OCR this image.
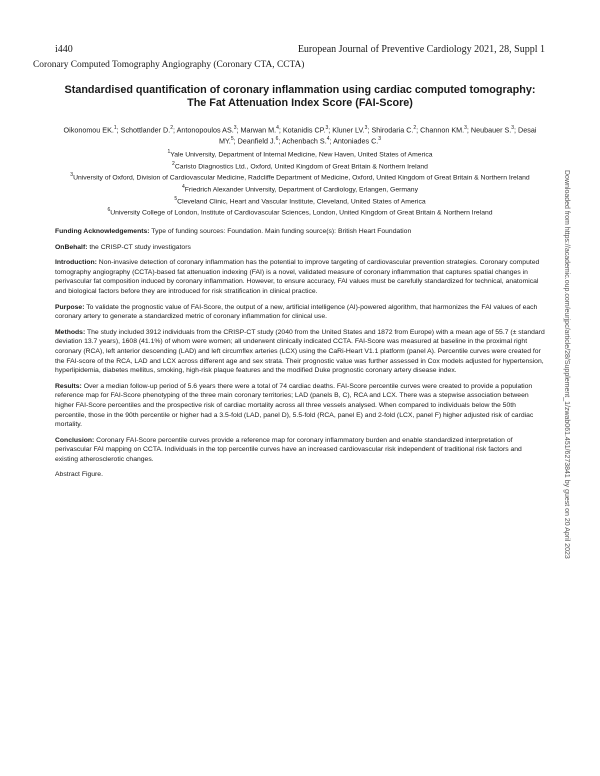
i440	European Journal of Preventive Cardiology 2021, 28, Suppl 1
Coronary Computed Tomography Angiography (Coronary CTA, CCTA)
Standardised quantification of coronary inflammation using cardiac computed tomography: The Fat Attenuation Index Score (FAI-Score)
Oikonomou EK.$^1$; Schottlander D.$^2$; Antonopoulos AS.$^3$; Marwan M.$^4$; Kotanidis CP.$^3$; Kluner LV.$^3$; Shirodaria C.$^2$; Channon KM.$^3$; Neubauer S.$^3$; Desai MY.$^5$; Deanfield J.$^6$; Achenbach S.$^4$; Antoniades C.$^3$
$^1$Yale University, Department of Internal Medicine, New Haven, United States of America
$^2$Caristo Diagnostics Ltd., Oxford, United Kingdom of Great Britain & Northern Ireland
$^3$University of Oxford, Division of Cardiovascular Medicine, Radcliffe Department of Medicine, Oxford, United Kingdom of Great Britain & Northern Ireland
$^4$Friedrich Alexander University, Department of Cardiology, Erlangen, Germany
$^5$Cleveland Clinic, Heart and Vascular Institute, Cleveland, United States of America
$^6$University College of London, Institute of Cardiovascular Sciences, London, United Kingdom of Great Britain & Northern Ireland

Funding Acknowledgements: Type of funding sources: Foundation. Main funding source(s): British Heart Foundation

OnBehalf: the CRISP-CT study investigators

Introduction: Non-invasive detection of coronary inflammation has the potential to improve targeting of cardiovascular prevention strategies. Coronary computed tomography angiography (CCTA)-based fat attenuation indexing (FAI) is a novel, validated measure of coronary inflammation that captures spatial changes in perivascular fat composition induced by coronary inflammation. However, to ensure accuracy, FAI values must be carefully standardized for technical, anatomical and biological factors before they are introduced for risk stratification in clinical practice.

Purpose: To validate the prognostic value of FAI-Score, the output of a new, artificial intelligence (AI)-powered algorithm, that harmonizes the FAI values of each coronary artery to generate a standardized metric of coronary inflammation for clinical use.

Methods: The study included 3912 individuals from the CRISP-CT study (2040 from the United States and 1872 from Europe) with a mean age of 55.7 (± standard deviation 13.7 years), 1608 (41.1%) of whom were women; all underwent clinically indicated CCTA. FAI-Score was measured at baseline in the proximal right coronary (RCA), left anterior descending (LAD) and left circumflex arteries (LCX) using the CaRi-Heart V1.1 platform (panel A). Percentile curves were created for the FAI-score of the RCA, LAD and LCX across different age and sex strata. Their prognostic value was further assessed in Cox models adjusted for hypertension, hyperlipidemia, diabetes mellitus, smoking, high-risk plaque features and the modified Duke prognostic coronary artery disease index.

Results: Over a median follow-up period of 5.6 years there were a total of 74 cardiac deaths. FAI-Score percentile curves were created to provide a population reference map for FAI-Score phenotyping of the three main coronary territories; LAD (panels B, C), RCA and LCX. There was a stepwise association between higher FAI-Score percentiles and the prospective risk of cardiac mortality across all three vessels analysed. When compared to individuals below the 50th percentile, those in the 90th percentile or higher had a 3.5-fold (LAD, panel D), 5.5-fold (RCA, panel E) and 2-fold (LCX, panel F) higher adjusted risk of cardiac mortality.

Conclusion: Coronary FAI-Score percentile curves provide a reference map for coronary inflammatory burden and enable standardized interpretation of perivascular FAI mapping on CCTA. Individuals in the top percentile curves have an increased cardiovascular risk independent of traditional risk factors and existing atherosclerotic changes.

Abstract Figure.	Downloaded from https://academic.oup.com/eurjpc/article/28/Supplement_1/zwab061.451/6273841 by guest on 20 April 2023
